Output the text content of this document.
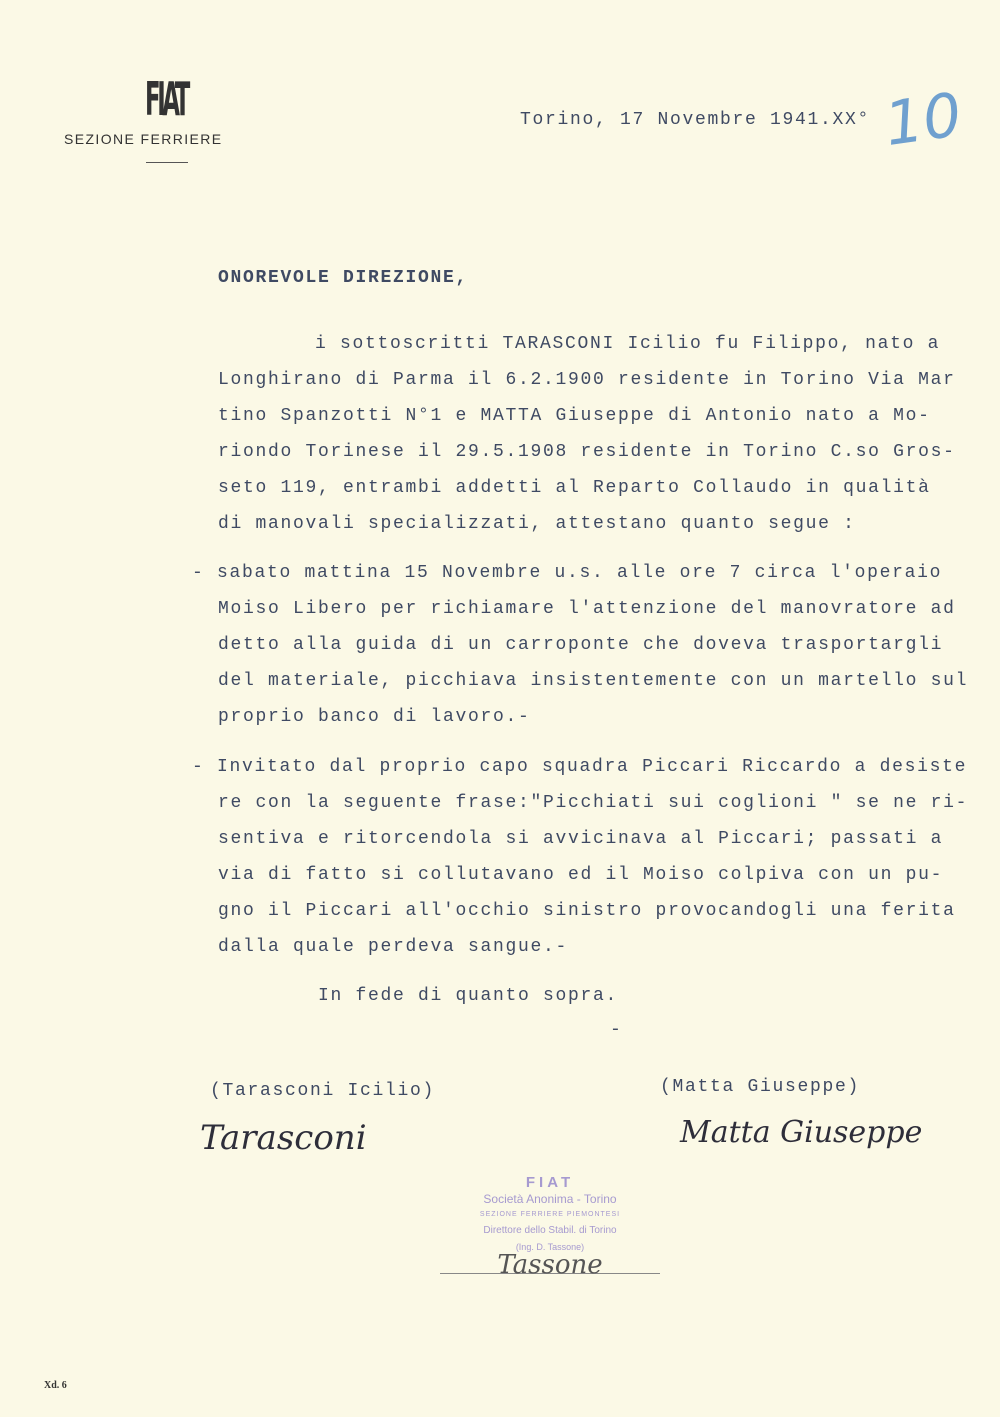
FIAT
SEZIONE FERRIERE
Torino, 17 Novembre 1941.XX° 10
ONOREVOLE DIREZIONE,
i sottoscritti TARASCONI Icilio fu Filippo, nato a
Longhirano di Parma il 6.2.1900 residente in Torino Via Mar
tino Spanzotti N°1 e MATTA Giuseppe di Antonio nato a Mo-
riondo Torinese il 29.5.1908 residente in Torino C.so Gros-
seto 119, entrambi addetti al Reparto Collaudo in qualità
di manovali specializzati, attestano quanto segue :
- sabato mattina 15 Novembre u.s. alle ore 7 circa l'operaio
Moiso Libero per richiamare l'attenzione del manovratore ad
detto alla guida di un carroponte che doveva trasportargli
del materiale, picchiava insistentemente con un martello sul
proprio banco di lavoro.-
- Invitato dal proprio capo squadra Piccari Riccardo a desiste
re con la seguente frase:"Picchiati sui coglioni " se ne ri-
sentiva e ritorcendola si avvicinava al Piccari; passati a
via di fatto si collutavano ed il Moiso colpiva con un pu-
gno il Piccari all'occhio sinistro provocandogli una ferita
dalla quale perdeva sangue.-
In fede di quanto sopra.
-
(Tarasconi Icilio)	(Matta Giuseppe)
Tarasconi	Matta Giuseppe
FIAT
Società Anonima - Torino
SEZIONE FERRIERE PIEMONTESI
Direttore dello Stabil. di Torino
(Ing. D. Tassone)
Tassone
Xd. 6
